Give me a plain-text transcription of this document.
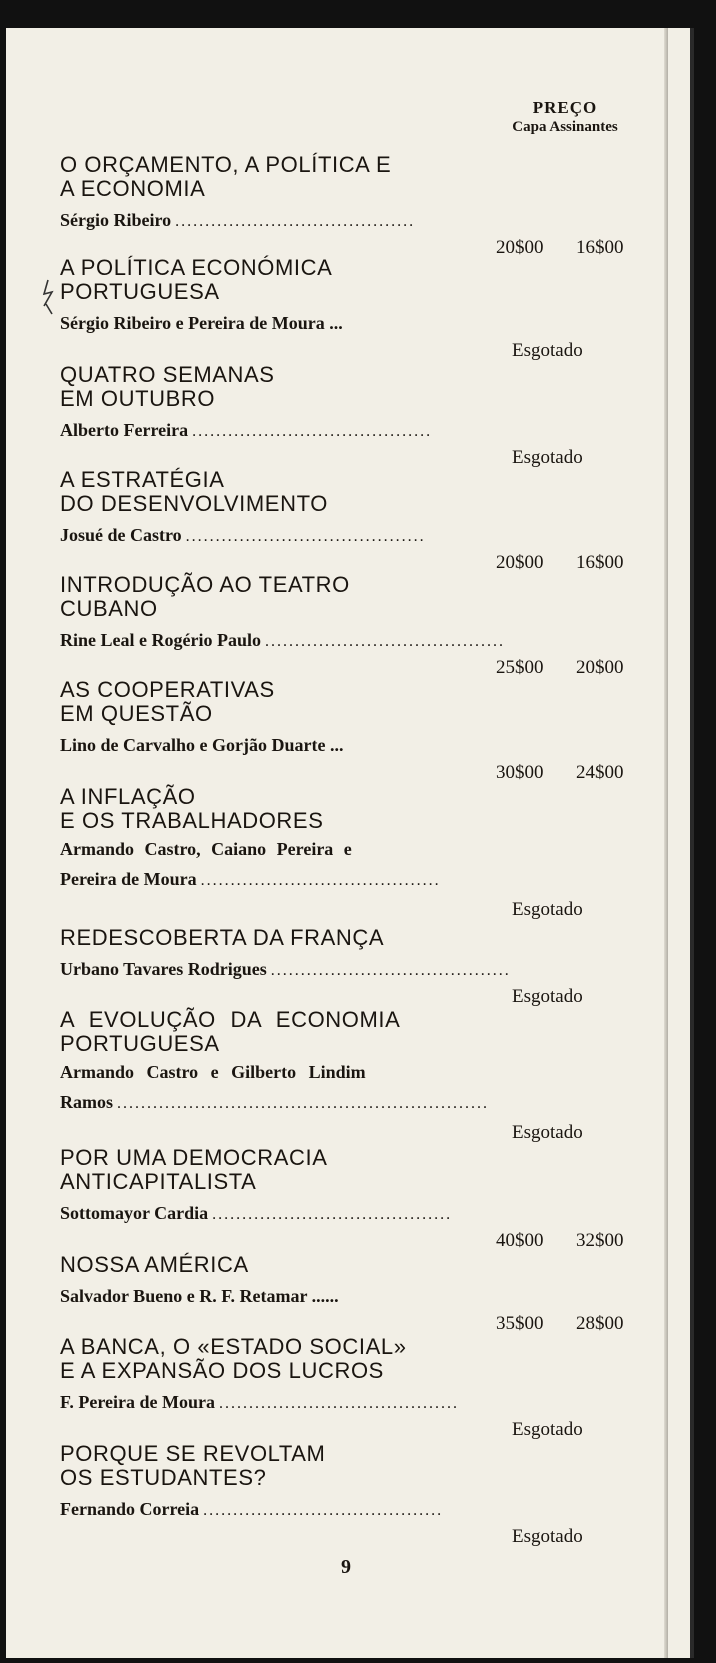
PREÇO
Capa Assinantes
O ORÇAMENTO, A POLÍTICA E
A ECONOMIA
Sérgio Ribeiro ........................................
20$00 16$00
A POLÍTICA ECONÓMICA
PORTUGUESA
Sérgio Ribeiro e Pereira de Moura ...
Esgotado
QUATRO SEMANAS
EM OUTUBRO
Alberto Ferreira ........................................
Esgotado
A ESTRATÉGIA
DO DESENVOLVIMENTO
Josué de Castro ........................................
20$00 16$00
INTRODUÇÃO AO TEATRO
CUBANO
Rine Leal e Rogério Paulo ........................................
25$00 20$00
AS COOPERATIVAS
EM QUESTÃO
Lino de Carvalho e Gorjão Duarte ...
30$00 24$00
A INFLAÇÃO
E OS TRABALHADORES
Armando Castro, Caiano Pereira e
Pereira de Moura ........................................
Esgotado
REDESCOBERTA DA FRANÇA
Urbano Tavares Rodrigues ........................................
Esgotado
A EVOLUÇÃO DA ECONOMIA
PORTUGUESA
Armando Castro e Gilberto Lindim
Ramos ..............................................................
Esgotado
POR UMA DEMOCRACIA
ANTICAPITALISTA
Sottomayor Cardia ........................................
40$00 32$00
NOSSA AMÉRICA
Salvador Bueno e R. F. Retamar ......
35$00 28$00
A BANCA, O «ESTADO SOCIAL»
E A EXPANSÃO DOS LUCROS
F. Pereira de Moura ........................................
Esgotado
PORQUE SE REVOLTAM
OS ESTUDANTES?
Fernando Correia ........................................
Esgotado
9
